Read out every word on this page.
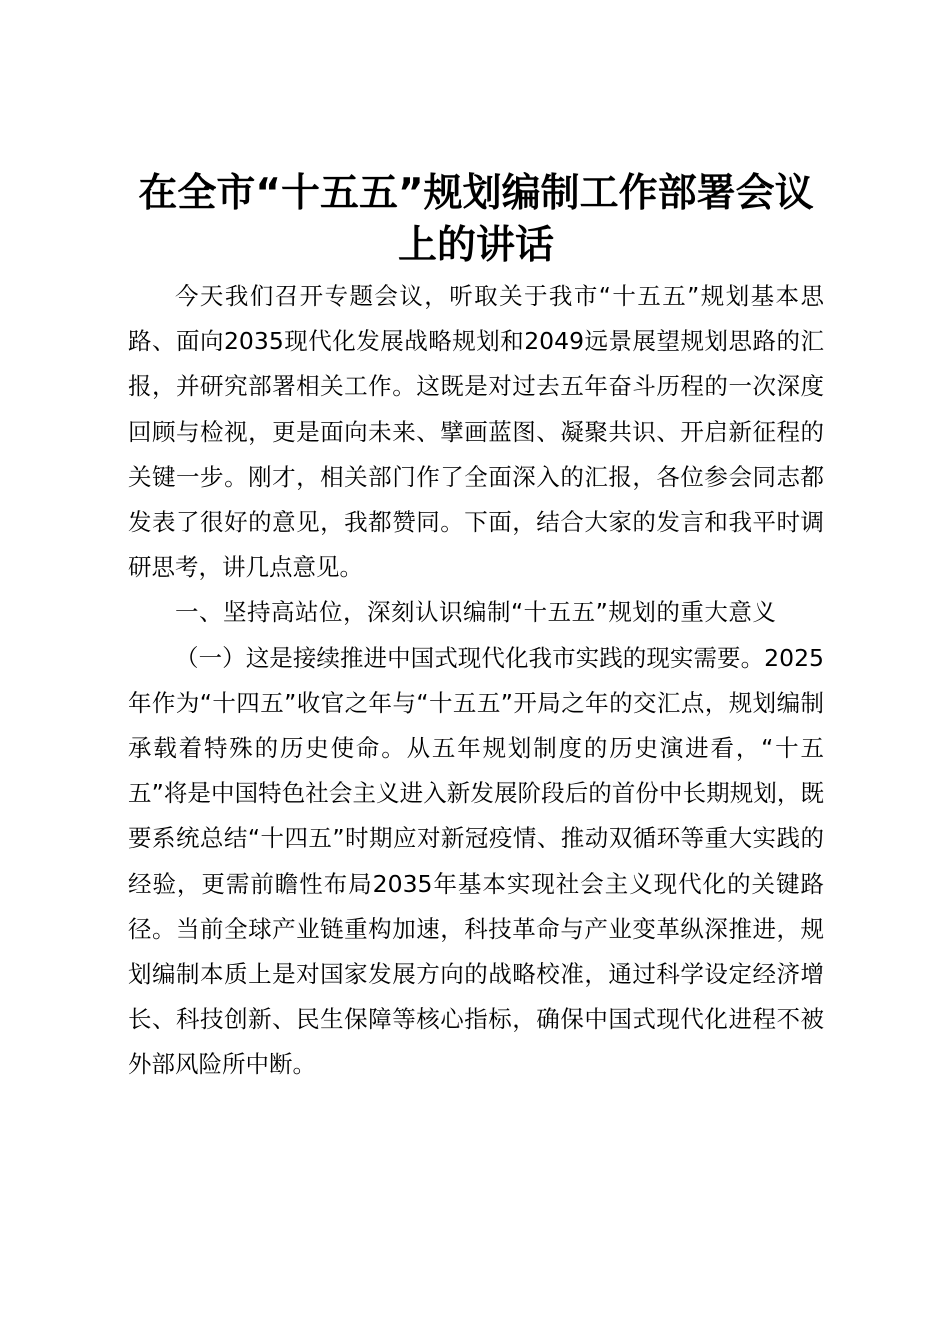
在全市“十五五”规划编制工作部署会议上的讲话

今天我们召开专题会议，听取关于我市“十五五”规划基本思路、面向2035现代化发展战略规划和2049远景展望规划思路的汇报，并研究部署相关工作。这既是对过去五年奋斗历程的一次深度回顾与检视，更是面向未来、擘画蓝图、凝聚共识、开启新征程的关键一步。刚才，相关部门作了全面深入的汇报，各位参会同志都发表了很好的意见，我都赞同。下面，结合大家的发言和我平时调研思考，讲几点意见。

一、坚持高站位，深刻认识编制“十五五”规划的重大意义

（一）这是接续推进中国式现代化我市实践的现实需要。2025年作为“十四五”收官之年与“十五五”开局之年的交汇点，规划编制承载着特殊的历史使命。从五年规划制度的历史演进看，“十五五”将是中国特色社会主义进入新发展阶段后的首份中长期规划，既要系统总结“十四五”时期应对新冠疫情、推动双循环等重大实践的经验，更需前瞻性布局2035年基本实现社会主义现代化的关键路径。当前全球产业链重构加速，科技革命与产业变革纵深推进，规划编制本质上是对国家发展方向的战略校准，通过科学设定经济增长、科技创新、民生保障等核心指标，确保中国式现代化进程不被外部风险所中断。
